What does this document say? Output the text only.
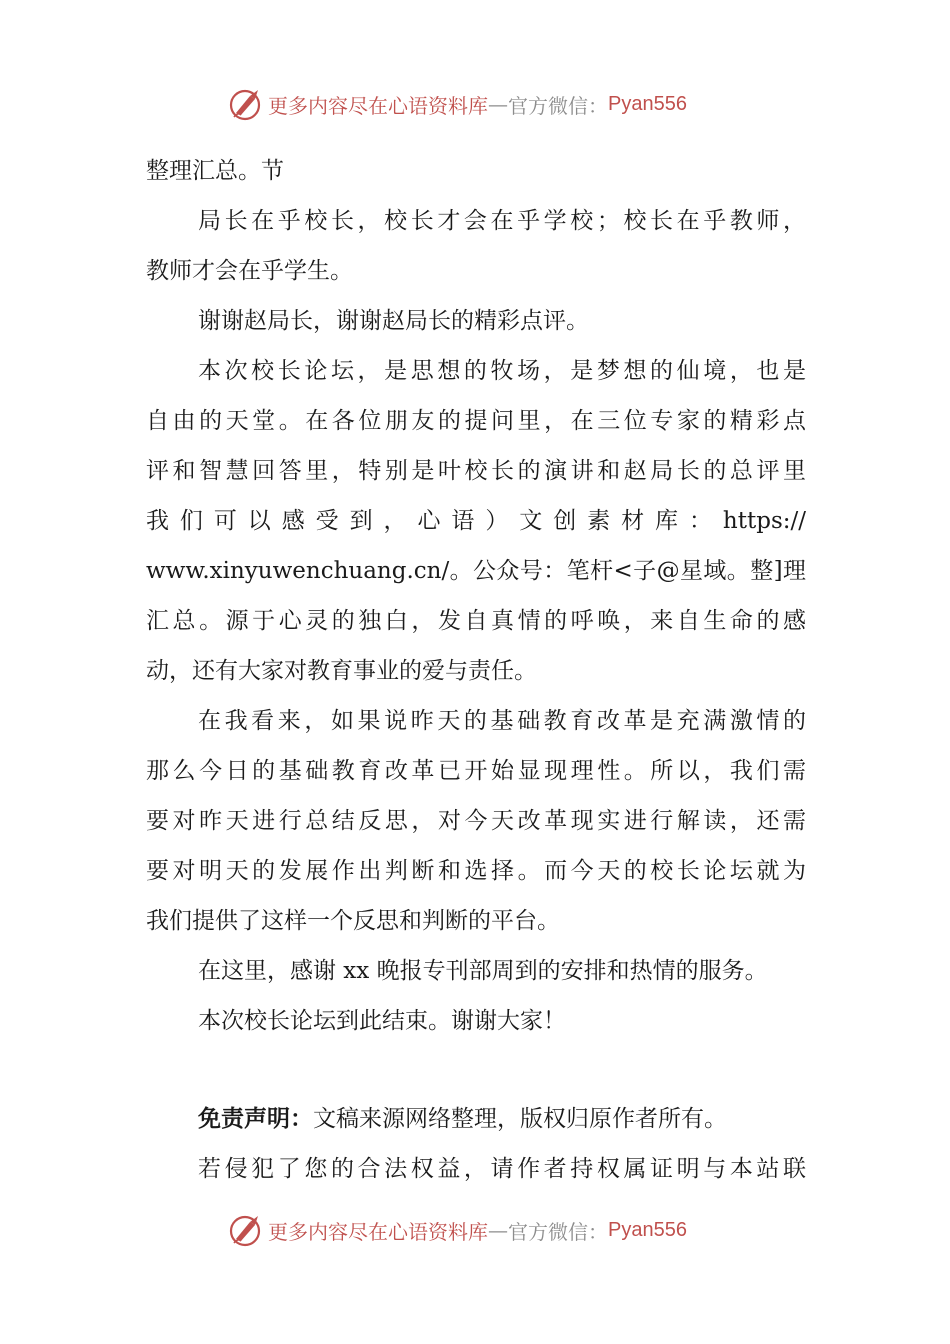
更多内容尽在心语资料库 — 官方微信： Pyan556
整理汇总。节
局长在乎校长，校长才会在乎学校；校长在乎教师，
教师才会在乎学生。
谢谢赵局长，谢谢赵局长的精彩点评。
本次校长论坛，是思想的牧场，是梦想的仙境，也是
自由的天堂。在各位朋友的提问里，在三位专家的精彩点
评和智慧回答里，特别是叶校长的演讲和赵局长的总评里
我 们 可 以 感 受 到 ， 心 语 ） 文 创 素 材 库 ： https://
www.xinyuwenchuang.cn/。公众号：笔杆<子@星域。整]理
汇总。源于心灵的独白，发自真情的呼唤，来自生命的感
动，还有大家对教育事业的爱与责任。
在我看来，如果说昨天的基础教育改革是充满激情的
那么今日的基础教育改革已开始显现理性。所以，我们需
要对昨天进行总结反思，对今天改革现实进行解读，还需
要对明天的发展作出判断和选择。而今天的校长论坛就为
我们提供了这样一个反思和判断的平台。
在这里，感谢 xx 晚报专刊部周到的安排和热情的服务。
本次校长论坛到此结束。谢谢大家！
免责声明：文稿来源网络整理，版权归原作者所有。
若侵犯了您的合法权益，请作者持权属证明与本站联
更多内容尽在心语资料库 — 官方微信： Pyan556
